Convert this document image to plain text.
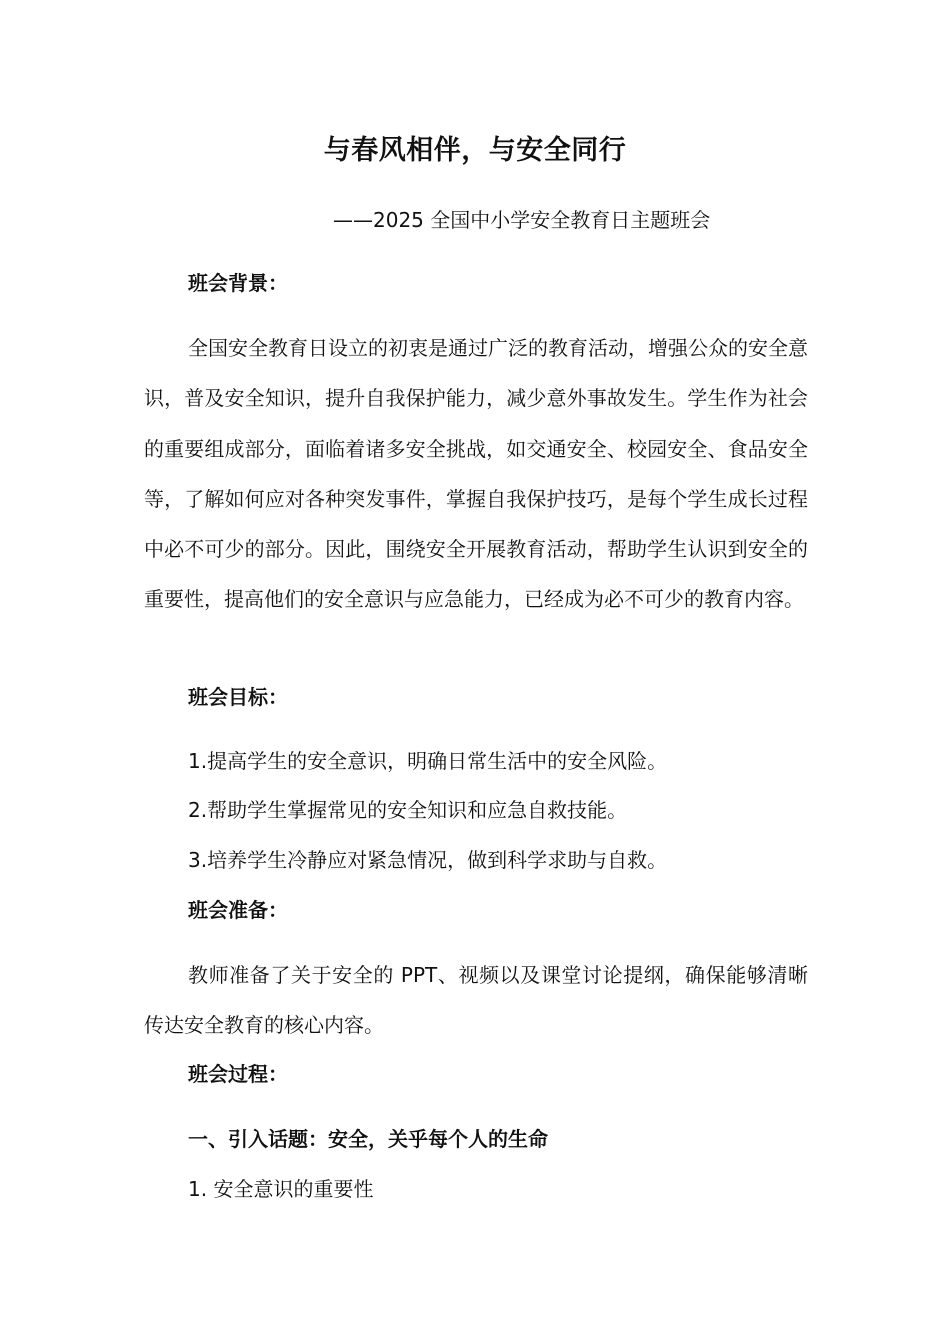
与春风相伴，与安全同行
——2025 全国中小学安全教育日主题班会
班会背景：
全国安全教育日设立的初衷是通过广泛的教育活动，增强公众的安全意识，普及安全知识，提升自我保护能力，减少意外事故发生。学生作为社会的重要组成部分，面临着诸多安全挑战，如交通安全、校园安全、食品安全等，了解如何应对各种突发事件，掌握自我保护技巧，是每个学生成长过程中必不可少的部分。因此，围绕安全开展教育活动，帮助学生认识到安全的重要性，提高他们的安全意识与应急能力，已经成为必不可少的教育内容。
班会目标：
1.提高学生的安全意识，明确日常生活中的安全风险。
2.帮助学生掌握常见的安全知识和应急自救技能。
3.培养学生冷静应对紧急情况，做到科学求助与自救。
班会准备：
教师准备了关于安全的 PPT、视频以及课堂讨论提纲，确保能够清晰传达安全教育的核心内容。
班会过程：
一、引入话题：安全，关乎每个人的生命
1. 安全意识的重要性
